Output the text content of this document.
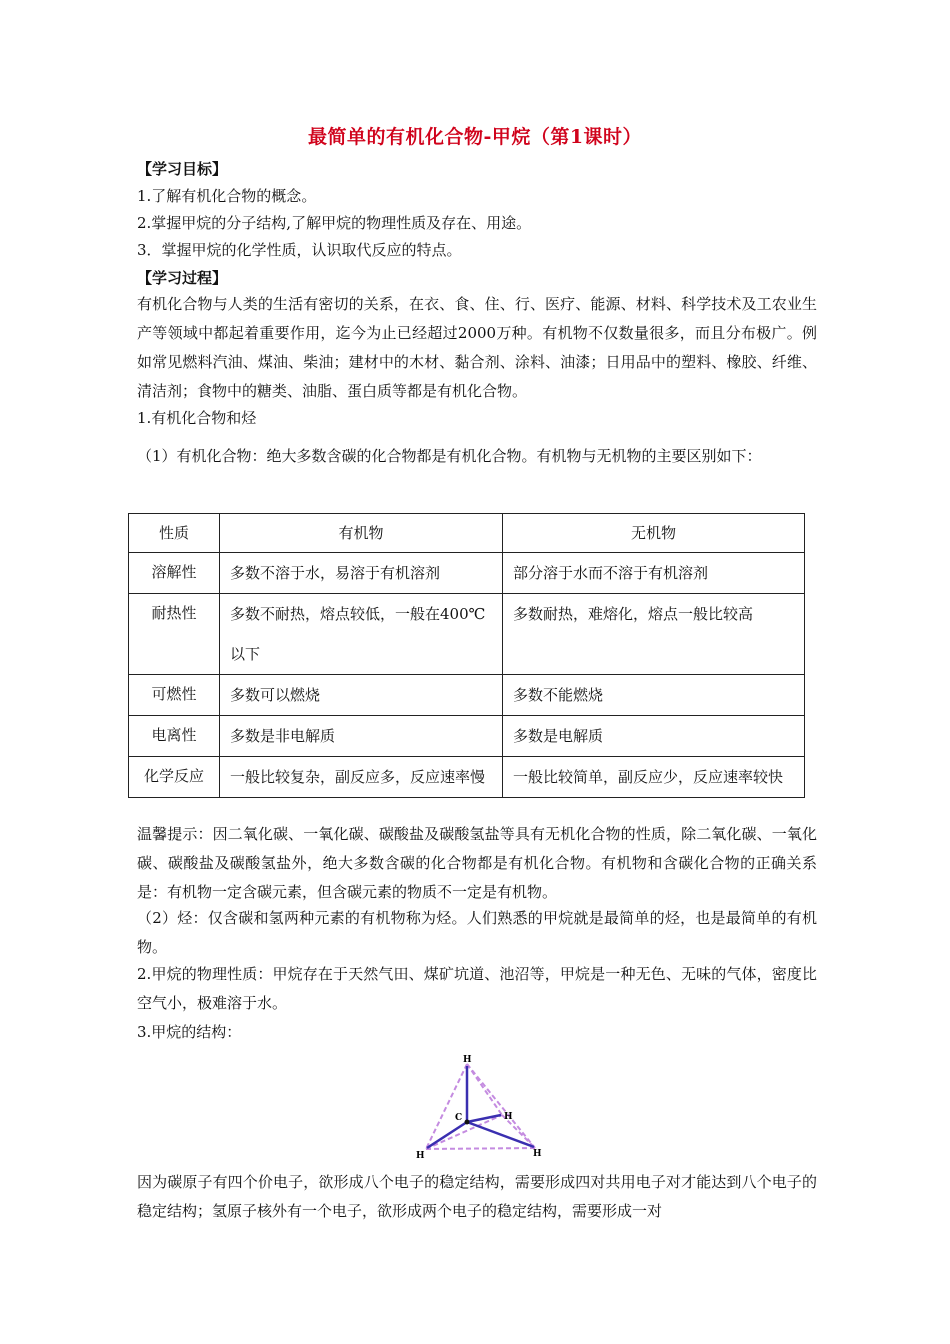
最简单的有机化合物-甲烷（第1课时）
【学习目标】
1.了解有机化合物的概念。
2.掌握甲烷的分子结构,了解甲烷的物理性质及存在、用途。
3．掌握甲烷的化学性质，认识取代反应的特点。
【学习过程】
有机化合物与人类的生活有密切的关系，在衣、食、住、行、医疗、能源、材料、科学技术及工农业生产等领域中都起着重要作用，迄今为止已经超过2000万种。有机物不仅数量很多，而且分布极广。例如常见燃料汽油、煤油、柴油；建材中的木材、黏合剂、涂料、油漆；日用品中的塑料、橡胶、纤维、清洁剂；食物中的糖类、油脂、蛋白质等都是有机化合物。
1.有机化合物和烃
（1）有机化合物：绝大多数含碳的化合物都是有机化合物。有机物与无机物的主要区别如下：
性质	有机物	无机物
溶解性	多数不溶于水，易溶于有机溶剂	部分溶于水而不溶于有机溶剂
耐热性	多数不耐热，熔点较低，一般在400℃以下	多数耐热，难熔化，熔点一般比较高
可燃性	多数可以燃烧	多数不能燃烧
电离性	多数是非电解质	多数是电解质
化学反应	一般比较复杂，副反应多，反应速率慢	一般比较简单，副反应少，反应速率较快
温馨提示：因二氧化碳、一氧化碳、碳酸盐及碳酸氢盐等具有无机化合物的性质，除二氧化碳、一氧化碳、碳酸盐及碳酸氢盐外，绝大多数含碳的化合物都是有机化合物。有机物和含碳化合物的正确关系是：有机物一定含碳元素，但含碳元素的物质不一定是有机物。
（2）烃：仅含碳和氢两种元素的有机物称为烃。人们熟悉的甲烷就是最简单的烃，也是最简单的有机物。
2.甲烷的物理性质：甲烷存在于天然气田、煤矿坑道、池沼等，甲烷是一种无色、无味的气体，密度比空气小，极难溶于水。
3.甲烷的结构：
C
H
H
H	H
因为碳原子有四个价电子，欲形成八个电子的稳定结构，需要形成四对共用电子对才能达到八个电子的稳定结构；氢原子核外有一个电子，欲形成两个电子的稳定结构，需要形成一对
